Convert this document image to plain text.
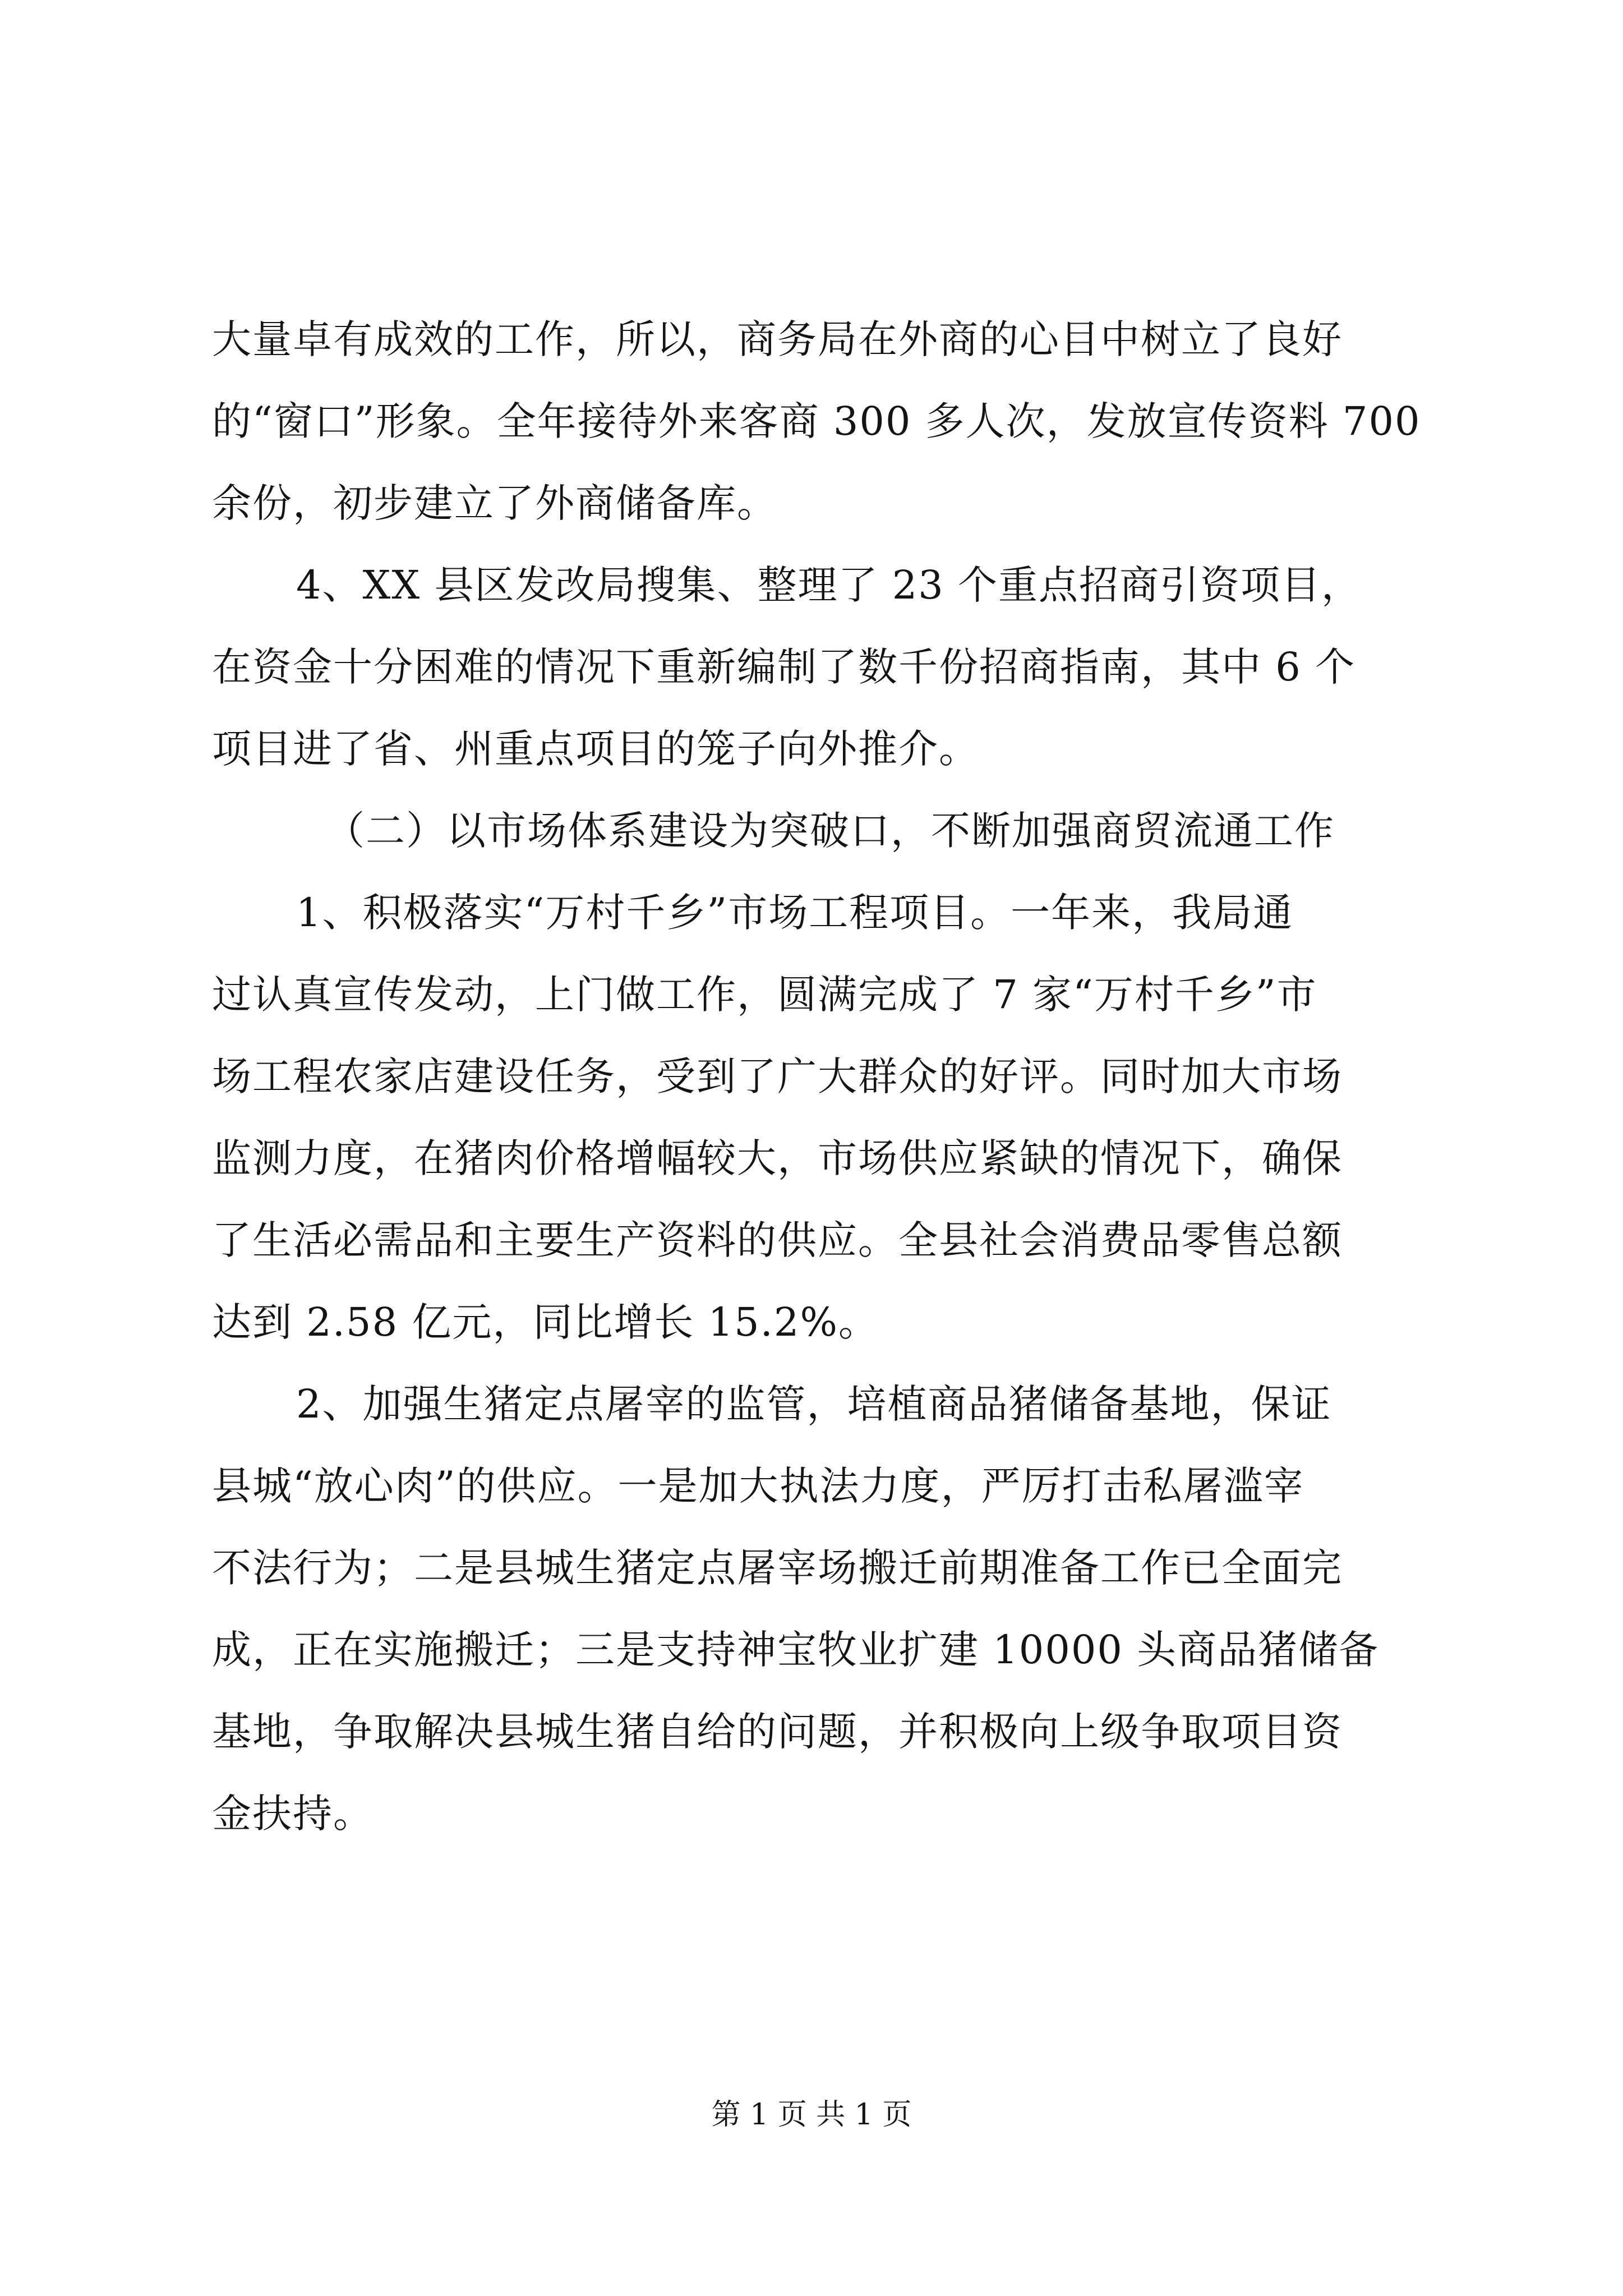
大量卓有成效的工作，所以，商务局在外商的心目中树立了良好
的“窗口”形象。全年接待外来客商 300 多人次，发放宣传资料 700
余份，初步建立了外商储备库。
4、XX 县区发改局搜集、整理了 23 个重点招商引资项目，
在资金十分困难的情况下重新编制了数千份招商指南，其中 6 个
项目进了省、州重点项目的笼子向外推介。
（二）以市场体系建设为突破口，不断加强商贸流通工作
1、积极落实“万村千乡”市场工程项目。一年来，我局通
过认真宣传发动，上门做工作，圆满完成了 7 家“万村千乡”市
场工程农家店建设任务，受到了广大群众的好评。同时加大市场
监测力度，在猪肉价格增幅较大，市场供应紧缺的情况下，确保
了生活必需品和主要生产资料的供应。全县社会消费品零售总额
达到 2.58 亿元，同比增长 15.2%。
2、加强生猪定点屠宰的监管，培植商品猪储备基地，保证
县城“放心肉”的供应。一是加大执法力度，严厉打击私屠滥宰
不法行为；二是县城生猪定点屠宰场搬迁前期准备工作已全面完
成，正在实施搬迁；三是支持神宝牧业扩建 10000 头商品猪储备
基地，争取解决县城生猪自给的问题，并积极向上级争取项目资
金扶持。
第 1 页 共 1 页
